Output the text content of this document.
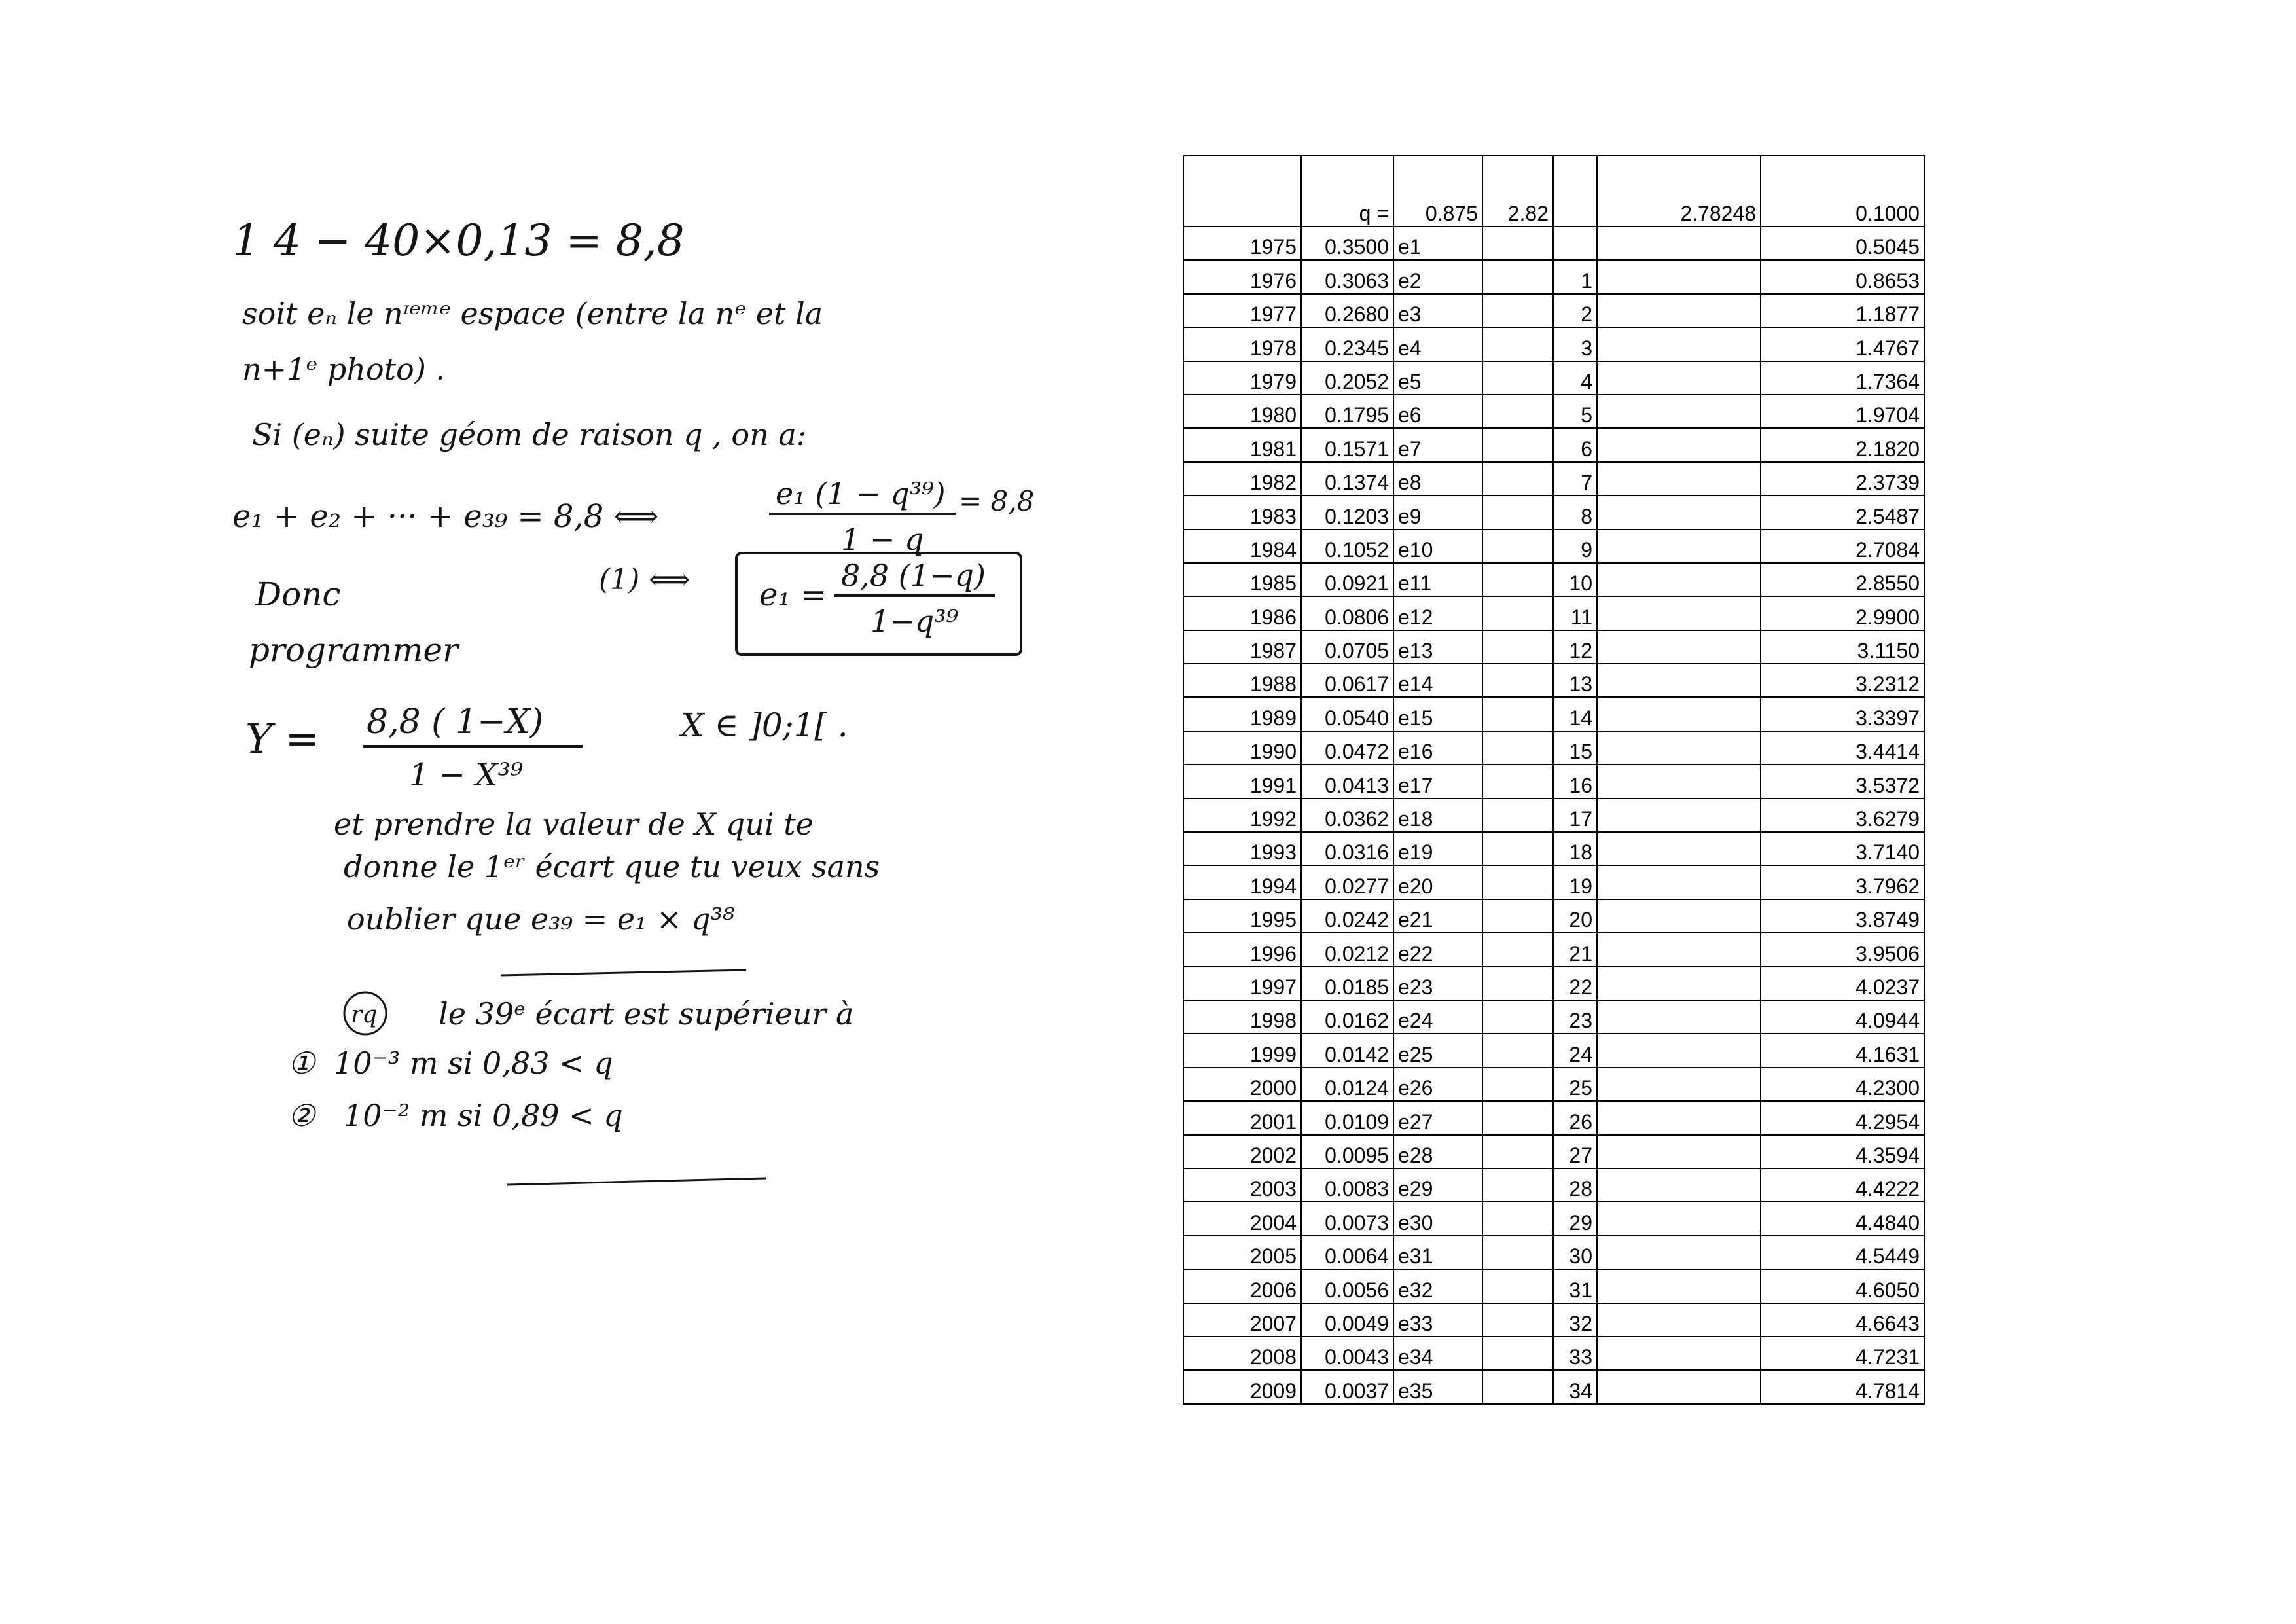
1 4 − 40×0,13 = 8,8
soit eₙ le nᶦᵉᵐᵉ espace (entre la nᵉ et la
n+1ᵉ photo) .
Si (eₙ) suite géom de raison q , on a:
e₁ + e₂ + ··· + e₃₉ = 8,8 ⟺
e₁ (1 − q³⁹)
1 − q
= 8,8
(1) ⟺ e₁ =
8,8 (1−q)
1−q³⁹
Donc
programmer
Y = 8,8 ( 1−X)
1 − X³⁹
X ∈ ]0;1[ .
et prendre la valeur de X qui te
donne le 1ᵉʳ écart que tu veux sans
oublier que e₃₉ = e₁ × q³⁸
rq le 39ᵉ écart est supérieur à
① 10⁻³ m si 0,83 < q
② 10⁻² m si 0,89 < q
	q =	0.875	2.82		2.78248	0.1000
1975	0.3500	e1				0.5045
1976	0.3063	e2		1		0.8653
1977	0.2680	e3		2		1.1877
1978	0.2345	e4		3		1.4767
1979	0.2052	e5		4		1.7364
1980	0.1795	e6		5		1.9704
1981	0.1571	e7		6		2.1820
1982	0.1374	e8		7		2.3739
1983	0.1203	e9		8		2.5487
1984	0.1052	e10		9		2.7084
1985	0.0921	e11		10		2.8550
1986	0.0806	e12		11		2.9900
1987	0.0705	e13		12		3.1150
1988	0.0617	e14		13		3.2312
1989	0.0540	e15		14		3.3397
1990	0.0472	e16		15		3.4414
1991	0.0413	e17		16		3.5372
1992	0.0362	e18		17		3.6279
1993	0.0316	e19		18		3.7140
1994	0.0277	e20		19		3.7962
1995	0.0242	e21		20		3.8749
1996	0.0212	e22		21		3.9506
1997	0.0185	e23		22		4.0237
1998	0.0162	e24		23		4.0944
1999	0.0142	e25		24		4.1631
2000	0.0124	e26		25		4.2300
2001	0.0109	e27		26		4.2954
2002	0.0095	e28		27		4.3594
2003	0.0083	e29		28		4.4222
2004	0.0073	e30		29		4.4840
2005	0.0064	e31		30		4.5449
2006	0.0056	e32		31		4.6050
2007	0.0049	e33		32		4.6643
2008	0.0043	e34		33		4.7231
2009	0.0037	e35		34		4.7814
